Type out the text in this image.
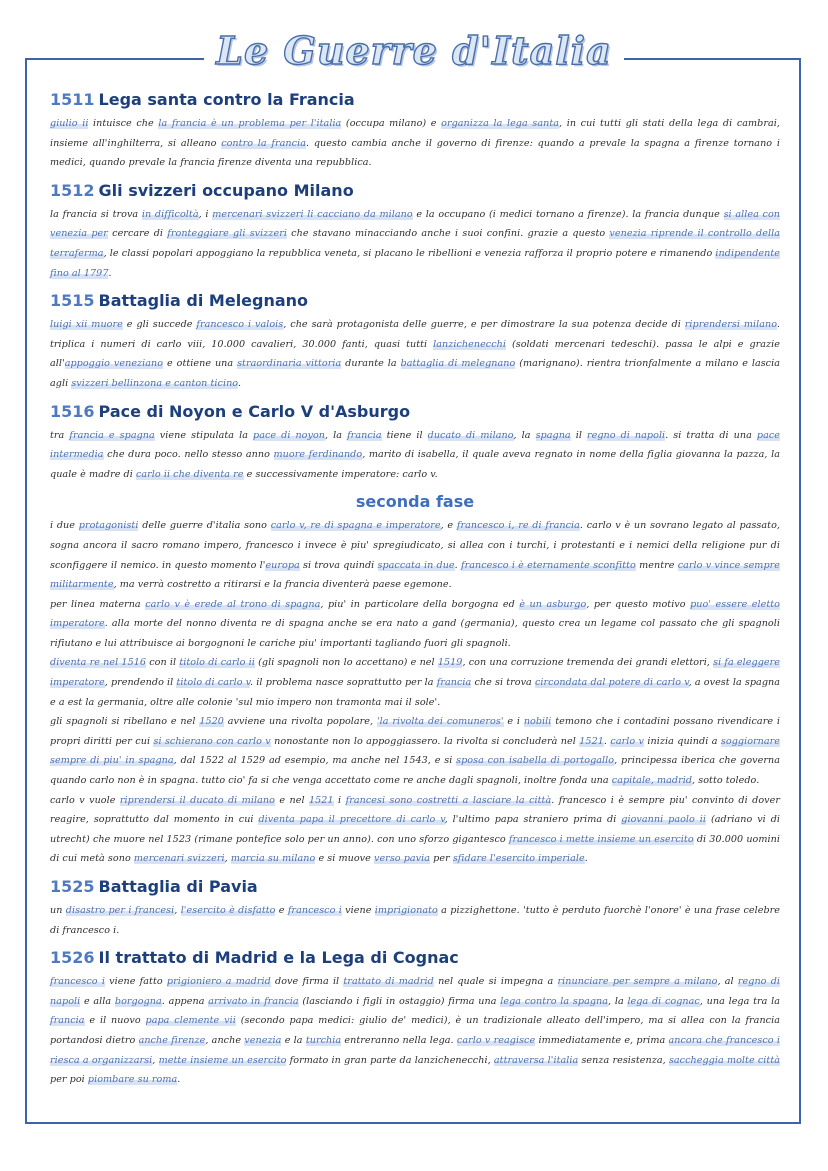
Le Guerre d'Italia
1511 Lega santa contro la Francia

giulio ii intuisce che la francia è un problema per l'italia (occupa milano) e organizza la lega santa, in cui tutti gli stati della lega di cambrai, insieme all'inghilterra, si alleano contro la francia. questo cambia anche il governo di firenze: quando a prevale la spagna a firenze tornano i medici, quando prevale la francia firenze diventa una repubblica.

1512 Gli svizzeri occupano Milano

la francia si trova in difficoltà, i mercenari svizzeri li cacciano da milano e la occupano (i medici tornano a firenze). la francia dunque si allea con venezia per cercare di fronteggiare gli svizzeri che stavano minacciando anche i suoi confini. grazie a questo venezia riprende il controllo della terraferma, le classi popolari appoggiano la repubblica veneta, si placano le ribellioni e venezia rafforza il proprio potere e rimanendo indipendente fino al 1797.

1515 Battaglia di Melegnano

luigi xii muore e gli succede francesco i valois, che sarà protagonista delle guerre, e per dimostrare la sua potenza decide di riprendersi milano. triplica i numeri di carlo viii, 10.000 cavalieri, 30.000 fanti, quasi tutti lanzichenecchi (soldati mercenari tedeschi). passa le alpi e grazie all'appoggio veneziano e ottiene una straordinaria vittoria durante la battaglia di melegnano (marignano). rientra trionfalmente a milano e lascia agli svizzeri bellinzona e canton ticino.

1516 Pace di Noyon e Carlo V d'Asburgo

tra francia e spagna viene stipulata la pace di noyon, la francia tiene il ducato di milano, la spagna il regno di napoli. si tratta di una pace intermedia che dura poco. nello stesso anno muore ferdinando, marito di isabella, il quale aveva regnato in nome della figlia giovanna la pazza, la quale è madre di carlo ii che diventa re e successivamente imperatore: carlo v.

seconda fase

i due protagonisti delle guerre d'italia sono carlo v, re di spagna e imperatore, e francesco i, re di francia. carlo v è un sovrano legato al passato, sogna ancora il sacro romano impero, francesco i invece è piu' spregiudicato, si allea con i turchi, i protestanti e i nemici della religione pur di sconfiggere il nemico. in questo momento l'europa si trova quindi spaccata in due. francesco i è eternamente sconfitto mentre carlo v vince sempre militarmente, ma verrà costretto a ritirarsi e la francia diventerà paese egemone.

per linea materna carlo v è erede al trono di spagna, piu' in particolare della borgogna ed è un asburgo, per questo motivo puo' essere eletto imperatore. alla morte del nonno diventa re di spagna anche se era nato a gand (germania), questo crea un legame col passato che gli spagnoli rifiutano e lui attribuisce ai borgognoni le cariche piu' importanti tagliando fuori gli spagnoli.

diventa re nel 1516 con il titolo di carlo ii (gli spagnoli non lo accettano) e nel 1519, con una corruzione tremenda dei grandi elettori, si fa eleggere imperatore, prendendo il titolo di carlo v. il problema nasce soprattutto per la francia che si trova circondata dal potere di carlo v, a ovest la spagna e a est la germania, oltre alle colonie 'sul mio impero non tramonta mai il sole'.

gli spagnoli si ribellano e nel 1520 avviene una rivolta popolare, 'la rivolta dei comuneros' e i nobili temono che i contadini possano rivendicare i propri diritti per cui si schierano con carlo v nonostante non lo appoggiassero. la rivolta si concluderà nel 1521. carlo v inizia quindi a soggiornare sempre di piu' in spagna, dal 1522 al 1529 ad esempio, ma anche nel 1543, e si sposa con isabella di portogallo, principessa iberica che governa quando carlo non è in spagna. tutto cio' fa si che venga accettato come re anche dagli spagnoli, inoltre fonda una capitale, madrid, sotto toledo.

carlo v vuole riprendersi il ducato di milano e nel 1521 i francesi sono costretti a lasciare la città. francesco i è sempre piu' convinto di dover reagire, soprattutto dal momento in cui diventa papa il precettore di carlo v, l'ultimo papa straniero prima di giovanni paolo ii (adriano vi di utrecht) che muore nel 1523 (rimane pontefice solo per un anno). con uno sforzo gigantesco francesco i mette insieme un esercito di 30.000 uomini di cui metà sono mercenari svizzeri, marcia su milano e si muove verso pavia per sfidare l'esercito imperiale.

1525 Battaglia di Pavia

un disastro per i francesi, l'esercito è disfatto e francesco i viene imprigionato a pizzighettone. 'tutto è perduto fuorchè l'onore' è una frase celebre di francesco i.

1526 Il trattato di Madrid e la Lega di Cognac

francesco i viene fatto prigioniero a madrid dove firma il trattato di madrid nel quale si impegna a rinunciare per sempre a milano, al regno di napoli e alla borgogna. appena arrivato in francia (lasciando i figli in ostaggio) firma una lega contro la spagna, la lega di cognac, una lega tra la francia e il nuovo papa clemente vii (secondo papa medici: giulio de' medici), è un tradizionale alleato dell'impero, ma si allea con la francia portandosi dietro anche firenze, anche venezia e la turchia entreranno nella lega. carlo v reagisce immediatamente e, prima ancora che francesco i riesca a organizzarsi, mette insieme un esercito formato in gran parte da lanzichenecchi, attraversa l'italia senza resistenza, saccheggia molte città per poi piombare su roma.
